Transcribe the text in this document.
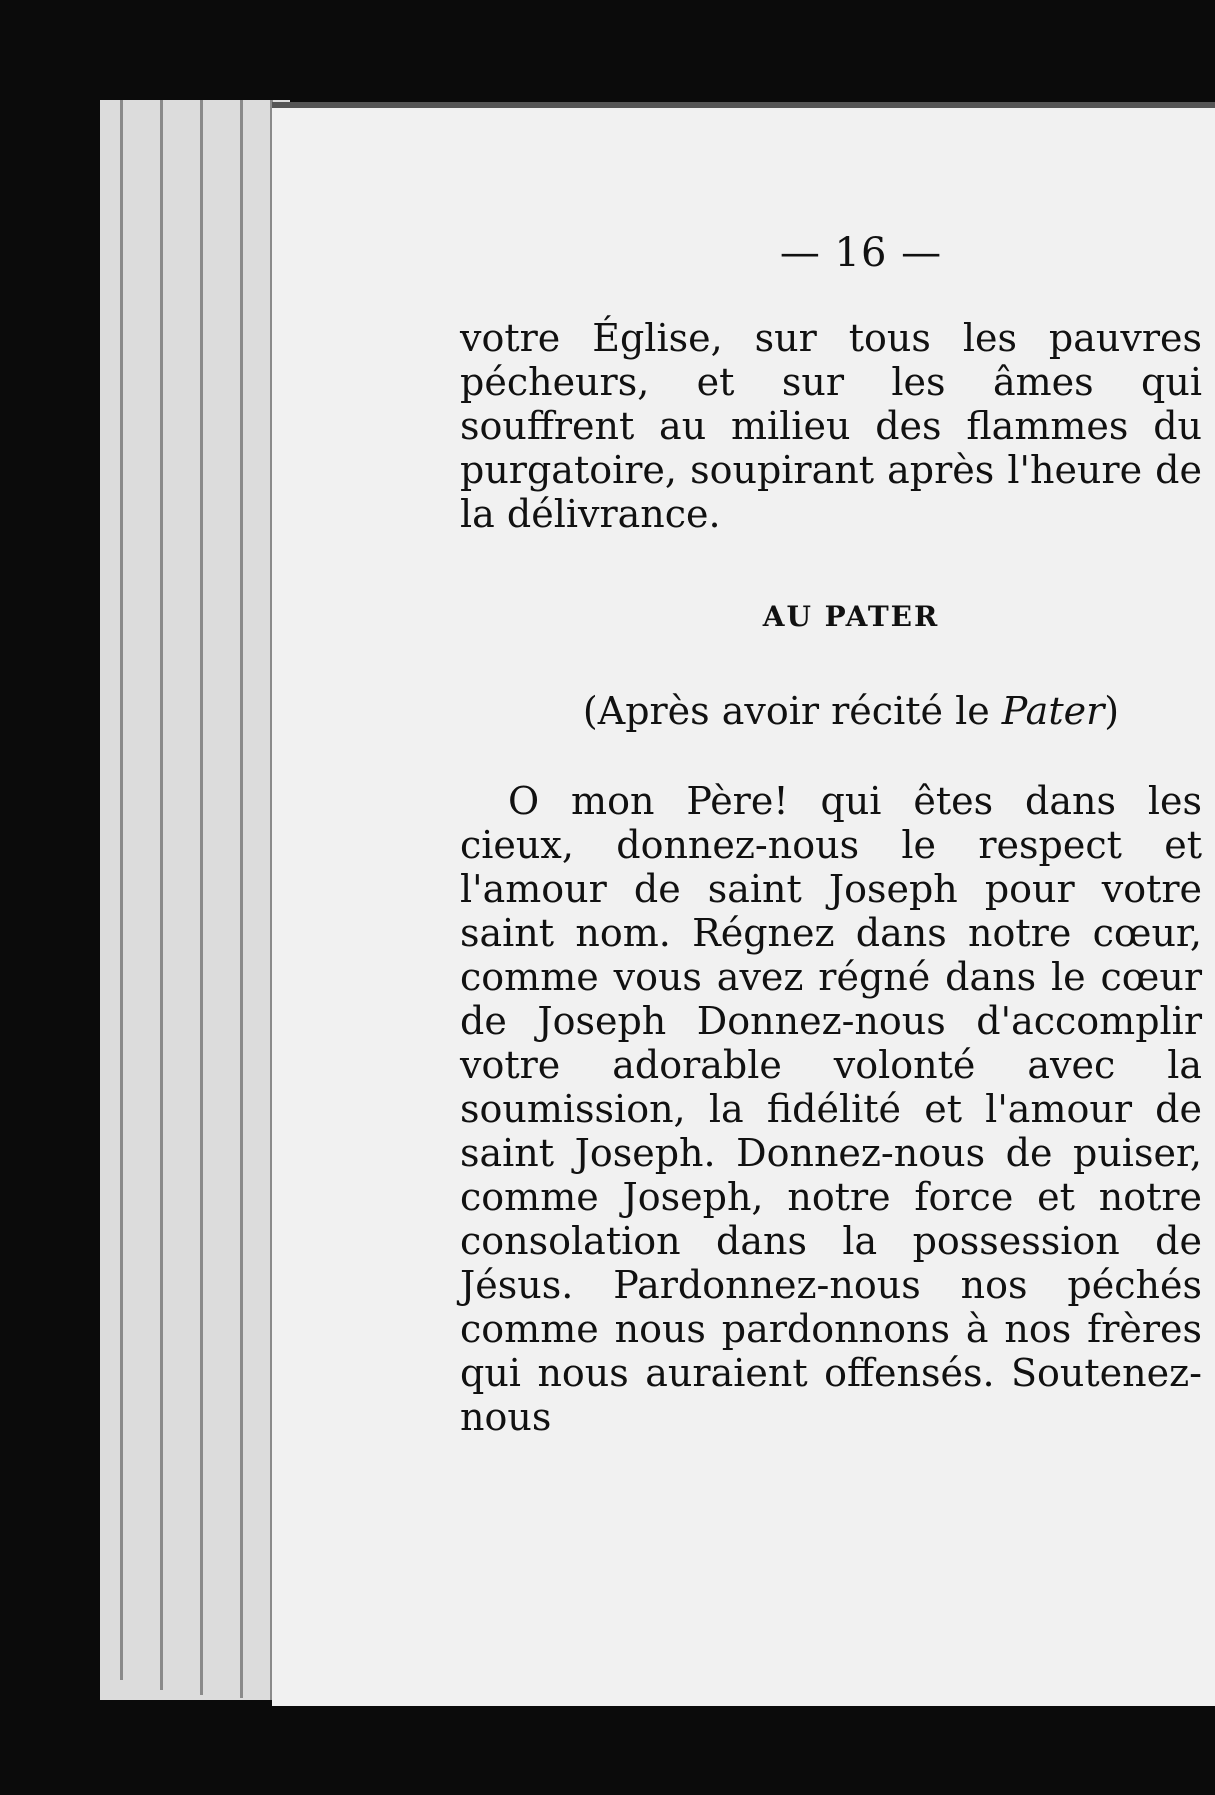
— 16 —

votre Église, sur tous les pauvres pécheurs, et sur les âmes qui souffrent au milieu des flammes du purgatoire, soupirant après l'heure de la délivrance.

AU PATER
(Après avoir récité le Pater)

O mon Père! qui êtes dans les cieux, donnez-nous le respect et l'amour de saint Joseph pour votre saint nom. Régnez dans notre cœur, comme vous avez régné dans le cœur de Joseph Donnez-nous d'accomplir votre adorable volonté avec la soumission, la fidélité et l'amour de saint Joseph. Donnez-nous de puiser, comme Joseph, notre force et notre consolation dans la possession de Jésus. Pardonnez-nous nos péchés comme nous pardonnons à nos frères qui nous auraient offensés. Soutenez-nous
